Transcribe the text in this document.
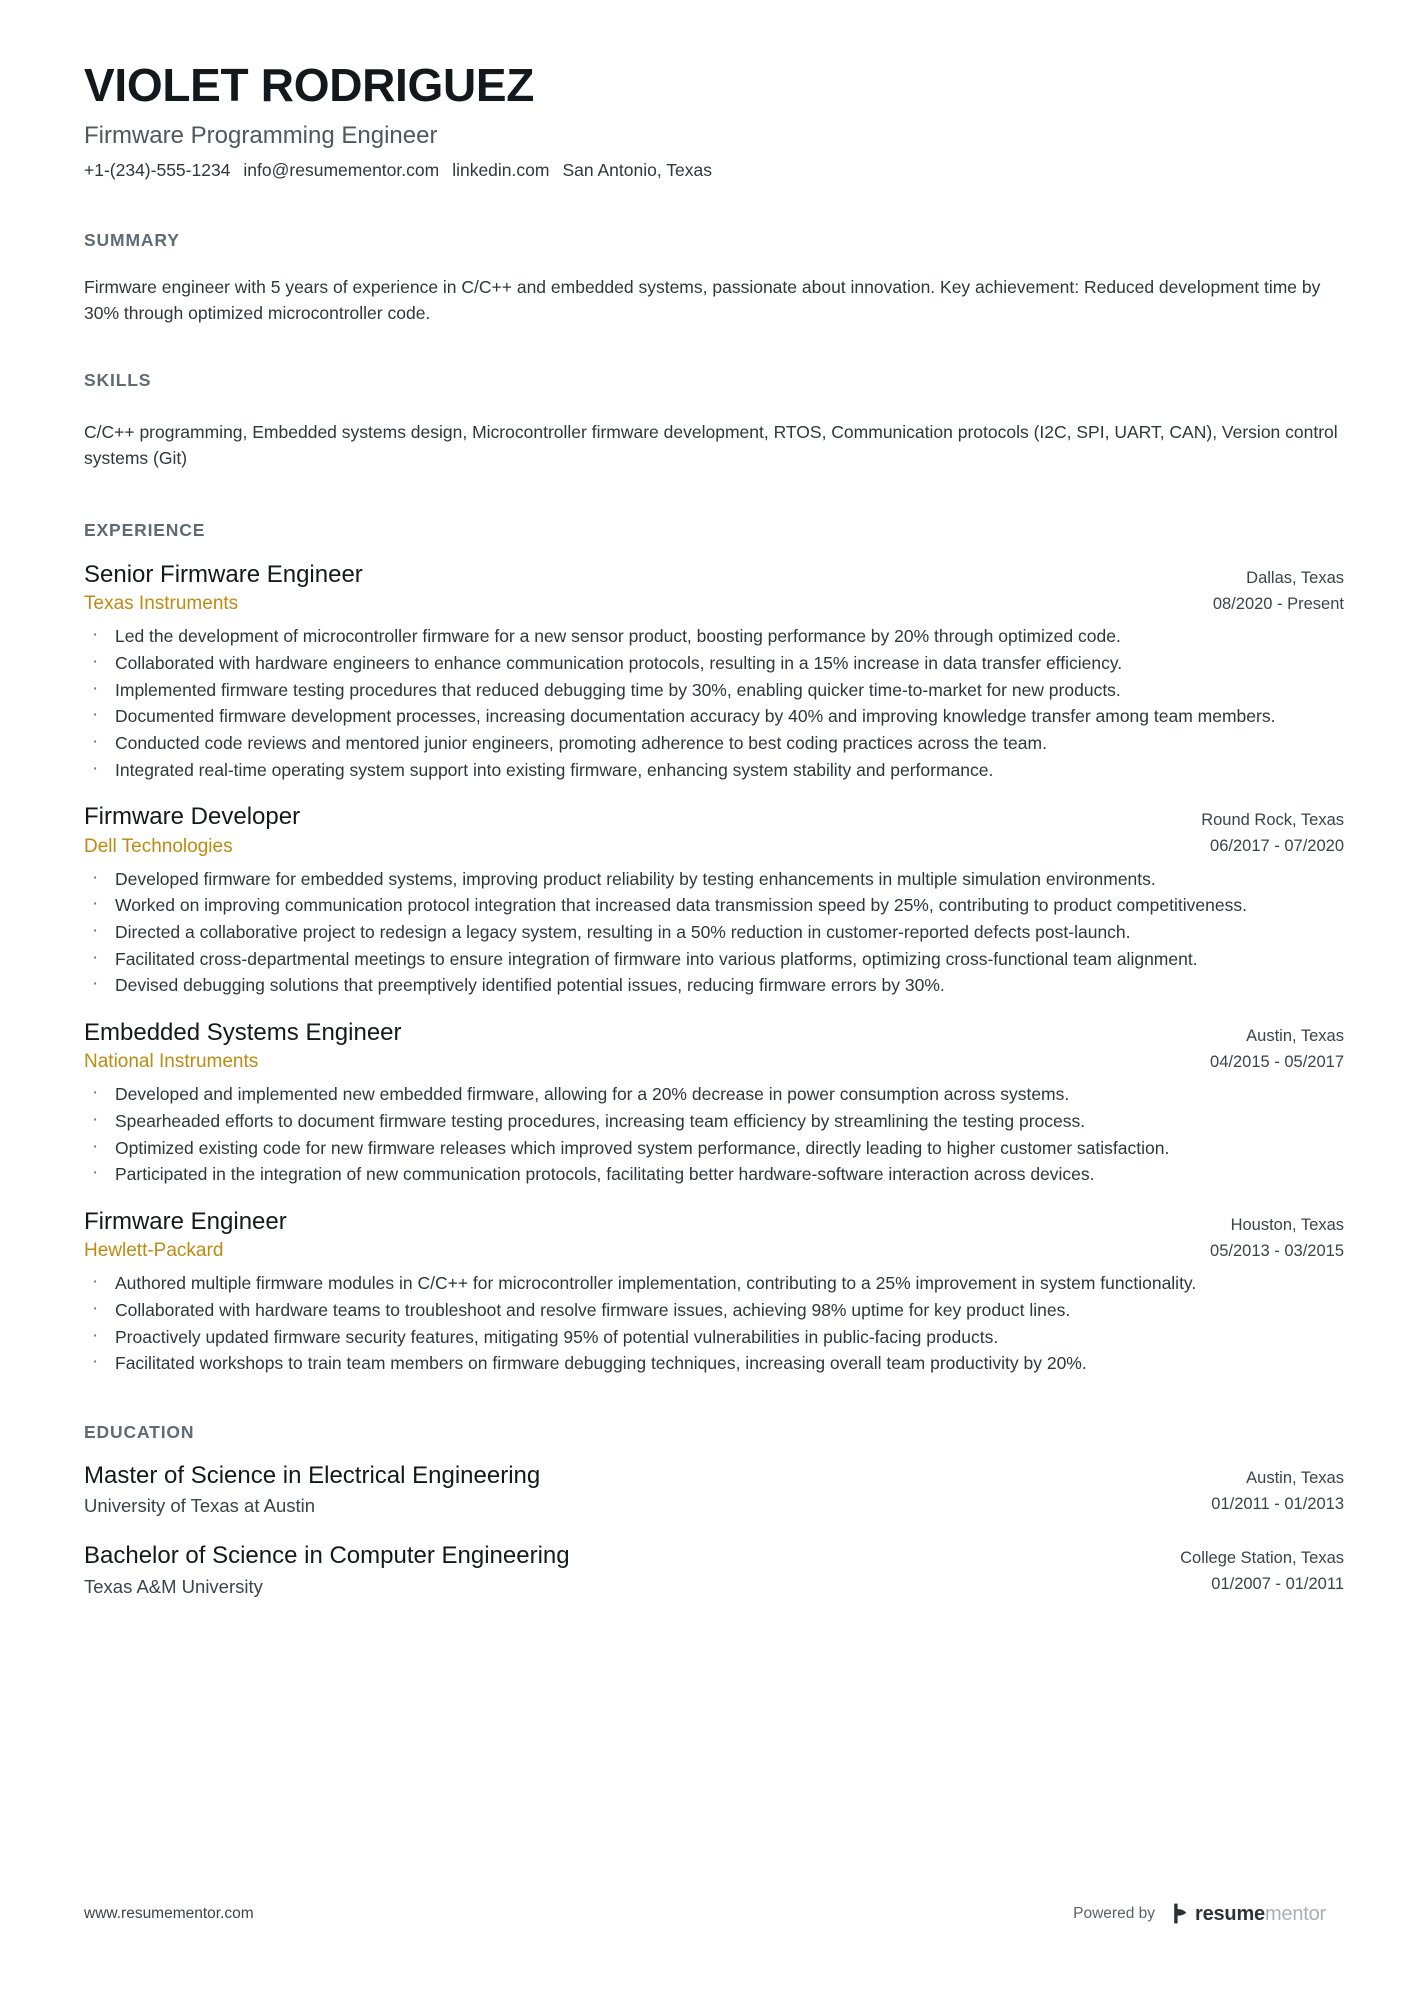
VIOLET RODRIGUEZ
Firmware Programming Engineer
+1-(234)-555-1234 info@resumementor.com linkedin.com San Antonio, Texas
SUMMARY
Firmware engineer with 5 years of experience in C/C++ and embedded systems, passionate about innovation. Key achievement: Reduced development time by 30% through optimized microcontroller code.
SKILLS
C/C++ programming, Embedded systems design, Microcontroller firmware development, RTOS, Communication protocols (I2C, SPI, UART, CAN), Version control systems (Git)
EXPERIENCE
Senior Firmware Engineer
Texas Instruments
Dallas, Texas
08/2020 - Present
· Led the development of microcontroller firmware for a new sensor product, boosting performance by 20% through optimized code.
· Collaborated with hardware engineers to enhance communication protocols, resulting in a 15% increase in data transfer efficiency.
· Implemented firmware testing procedures that reduced debugging time by 30%, enabling quicker time-to-market for new products.
· Documented firmware development processes, increasing documentation accuracy by 40% and improving knowledge transfer among team members.
· Conducted code reviews and mentored junior engineers, promoting adherence to best coding practices across the team.
· Integrated real-time operating system support into existing firmware, enhancing system stability and performance.
Firmware Developer
Dell Technologies
Round Rock, Texas
06/2017 - 07/2020
· Developed firmware for embedded systems, improving product reliability by testing enhancements in multiple simulation environments.
· Worked on improving communication protocol integration that increased data transmission speed by 25%, contributing to product competitiveness.
· Directed a collaborative project to redesign a legacy system, resulting in a 50% reduction in customer-reported defects post-launch.
· Facilitated cross-departmental meetings to ensure integration of firmware into various platforms, optimizing cross-functional team alignment.
· Devised debugging solutions that preemptively identified potential issues, reducing firmware errors by 30%.
Embedded Systems Engineer
National Instruments
Austin, Texas
04/2015 - 05/2017
· Developed and implemented new embedded firmware, allowing for a 20% decrease in power consumption across systems.
· Spearheaded efforts to document firmware testing procedures, increasing team efficiency by streamlining the testing process.
· Optimized existing code for new firmware releases which improved system performance, directly leading to higher customer satisfaction.
· Participated in the integration of new communication protocols, facilitating better hardware-software interaction across devices.
Firmware Engineer
Hewlett-Packard
Houston, Texas
05/2013 - 03/2015
· Authored multiple firmware modules in C/C++ for microcontroller implementation, contributing to a 25% improvement in system functionality.
· Collaborated with hardware teams to troubleshoot and resolve firmware issues, achieving 98% uptime for key product lines.
· Proactively updated firmware security features, mitigating 95% of potential vulnerabilities in public-facing products.
· Facilitated workshops to train team members on firmware debugging techniques, increasing overall team productivity by 20%.
EDUCATION
Master of Science in Electrical Engineering
University of Texas at Austin
Austin, Texas
01/2011 - 01/2013
Bachelor of Science in Computer Engineering
Texas A&M University
College Station, Texas
01/2007 - 01/2011
www.resumementor.com	Powered by resumementor
